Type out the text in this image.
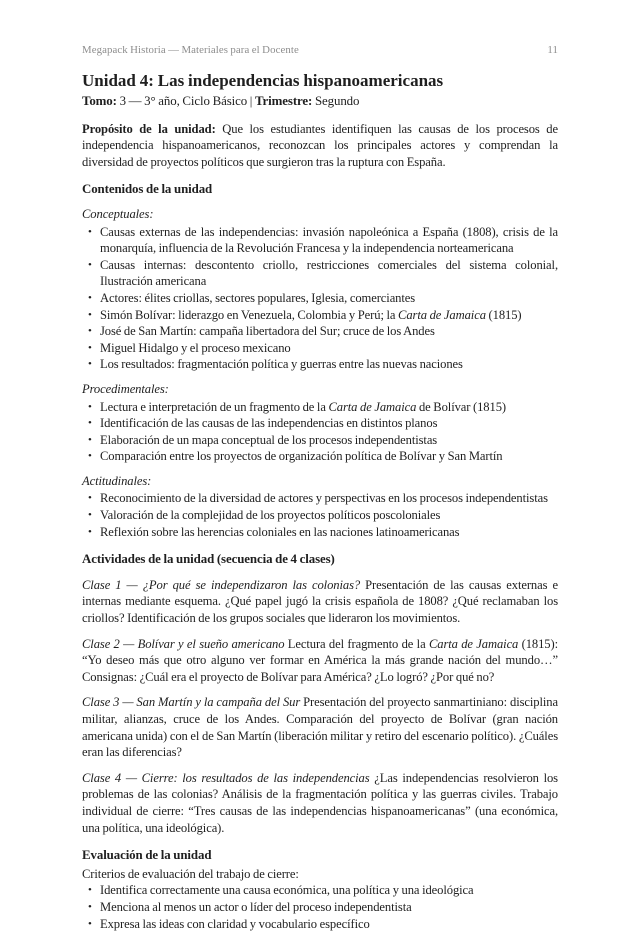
Megapack Historia — Materiales para el Docente	11
Unidad 4: Las independencias hispanoamericanas

Tomo: 3 — 3° año, Ciclo Básico | Trimestre: Segundo

Propósito de la unidad: Que los estudiantes identifiquen las causas de los procesos de independencia hispanoamericanos, reconozcan los principales actores y comprendan la diversidad de proyectos políticos que surgieron tras la ruptura con España.

Contenidos de la unidad

Conceptuales:

• Causas externas de las independencias: invasión napoleónica a España (1808), crisis de la monarquía, influencia de la Revolución Francesa y la independencia norteamericana
• Causas internas: descontento criollo, restricciones comerciales del sistema colonial, Ilustración americana
• Actores: élites criollas, sectores populares, Iglesia, comerciantes
• Simón Bolívar: liderazgo en Venezuela, Colombia y Perú; la Carta de Jamaica (1815)
• José de San Martín: campaña libertadora del Sur; cruce de los Andes
• Miguel Hidalgo y el proceso mexicano
• Los resultados: fragmentación política y guerras entre las nuevas naciones

Procedimentales:

• Lectura e interpretación de un fragmento de la Carta de Jamaica de Bolívar (1815)
• Identificación de las causas de las independencias en distintos planos
• Elaboración de un mapa conceptual de los procesos independentistas
• Comparación entre los proyectos de organización política de Bolívar y San Martín

Actitudinales:

• Reconocimiento de la diversidad de actores y perspectivas en los procesos independentistas
• Valoración de la complejidad de los proyectos políticos poscoloniales
• Reflexión sobre las herencias coloniales en las naciones latinoamericanas
Actividades de la unidad (secuencia de 4 clases)

Clase 1 — ¿Por qué se independizaron las colonias? Presentación de las causas externas e internas mediante esquema. ¿Qué papel jugó la crisis española de 1808? ¿Qué reclamaban los criollos? Identificación de los grupos sociales que lideraron los movimientos.

Clase 2 — Bolívar y el sueño americano Lectura del fragmento de la Carta de Jamaica (1815): “Yo deseo más que otro alguno ver formar en América la más grande nación del mundo…” Consignas: ¿Cuál era el proyecto de Bolívar para América? ¿Lo logró? ¿Por qué no?

Clase 3 — San Martín y la campaña del Sur Presentación del proyecto sanmartiniano: disciplina militar, alianzas, cruce de los Andes. Comparación del proyecto de Bolívar (gran nación americana unida) con el de San Martín (liberación militar y retiro del escenario político). ¿Cuáles eran las diferencias?

Clase 4 — Cierre: los resultados de las independencias ¿Las independencias resolvieron los problemas de las colonias? Análisis de la fragmentación política y las guerras civiles. Trabajo individual de cierre: “Tres causas de las independencias hispanoamericanas” (una económica, una política, una ideológica).

Evaluación de la unidad

Criterios de evaluación del trabajo de cierre:

• Identifica correctamente una causa económica, una política y una ideológica
• Menciona al menos un actor o líder del proceso independentista
• Expresa las ideas con claridad y vocabulario específico
